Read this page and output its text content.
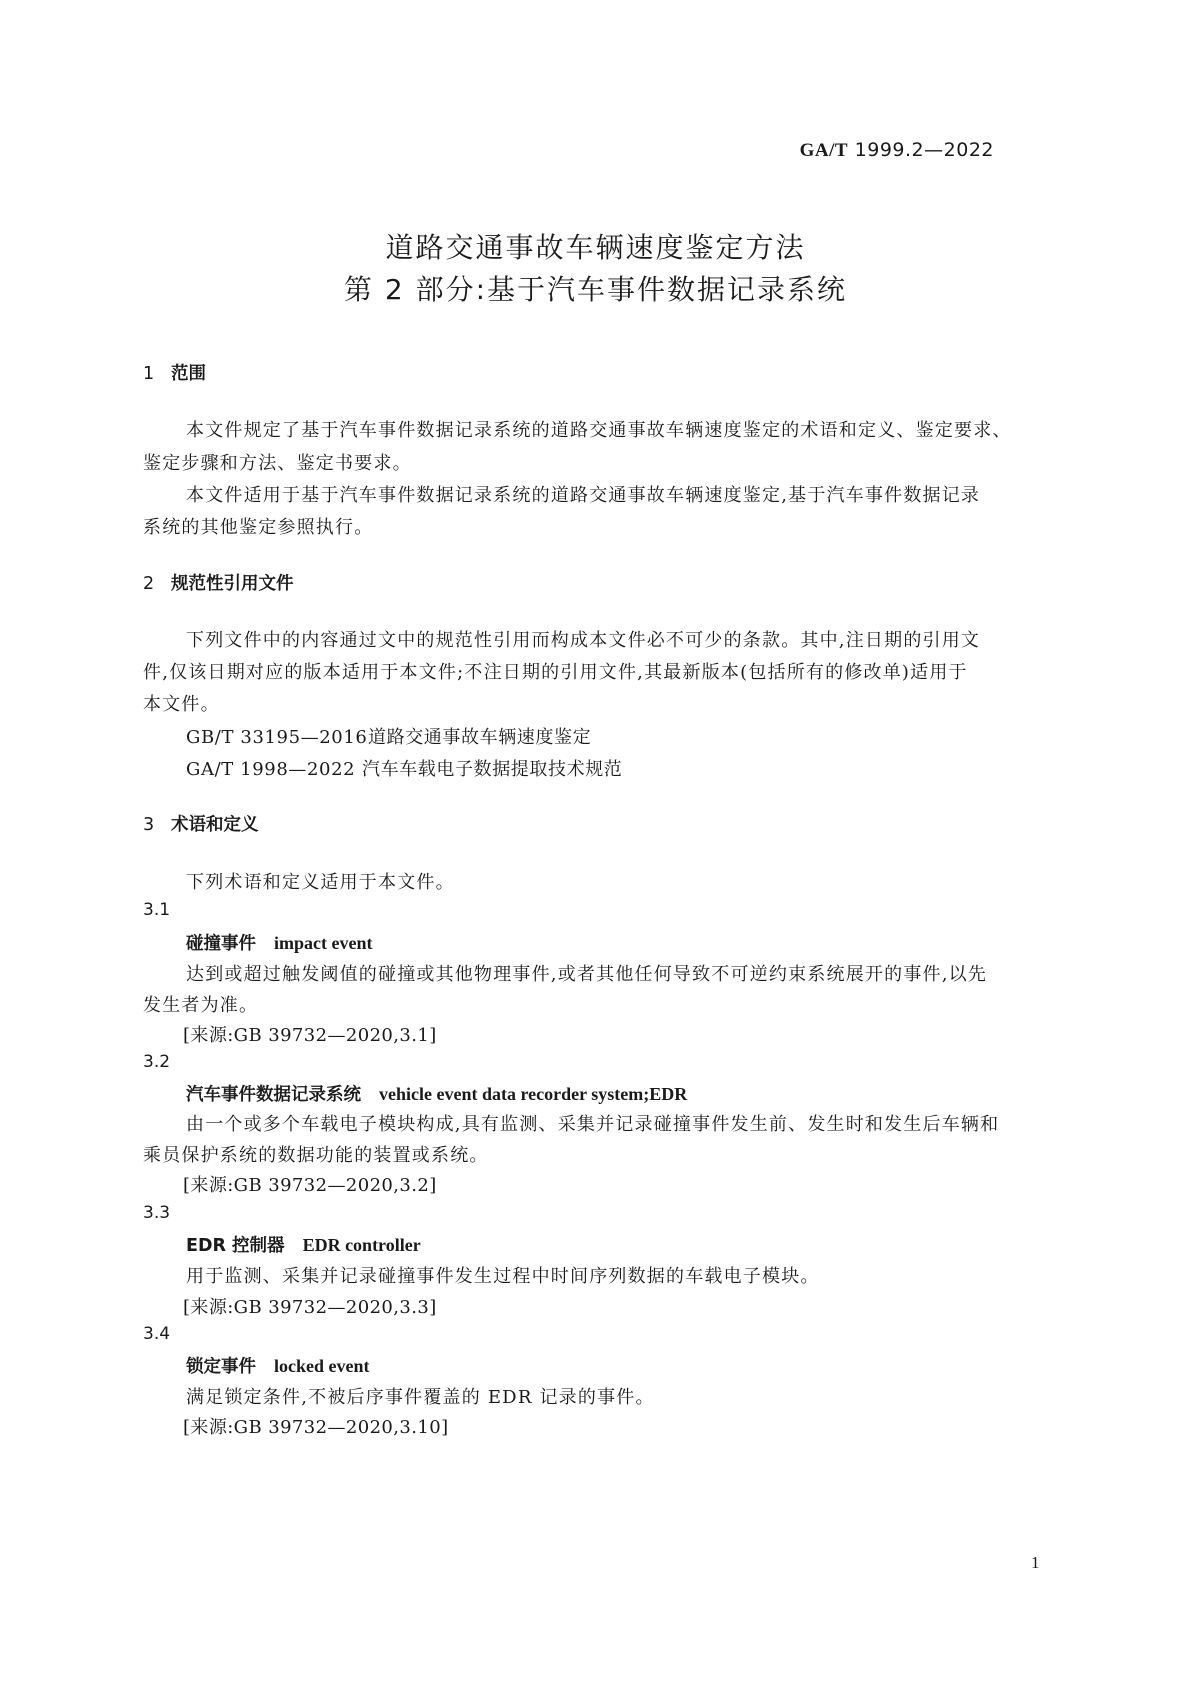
GA/T 1999.2—2022
道路交通事故车辆速度鉴定方法
第 2 部分:基于汽车事件数据记录系统
1 范围
本文件规定了基于汽车事件数据记录系统的道路交通事故车辆速度鉴定的术语和定义、鉴定要求、
鉴定步骤和方法、鉴定书要求。
本文件适用于基于汽车事件数据记录系统的道路交通事故车辆速度鉴定,基于汽车事件数据记录
系统的其他鉴定参照执行。
2 规范性引用文件
下列文件中的内容通过文中的规范性引用而构成本文件必不可少的条款。其中,注日期的引用文
件,仅该日期对应的版本适用于本文件;不注日期的引用文件,其最新版本(包括所有的修改单)适用于
本文件。
GB/T 33195—2016道路交通事故车辆速度鉴定
GA/T 1998—2022 汽车车载电子数据提取技术规范
3 术语和定义
下列术语和定义适用于本文件。
3.1
碰撞事件 impact event
达到或超过触发阈值的碰撞或其他物理事件,或者其他任何导致不可逆约束系统展开的事件,以先
发生者为准。
[来源:GB 39732—2020,3.1]
3.2
汽车事件数据记录系统 vehicle event data recorder system;EDR
由一个或多个车载电子模块构成,具有监测、采集并记录碰撞事件发生前、发生时和发生后车辆和
乘员保护系统的数据功能的装置或系统。
[来源:GB 39732—2020,3.2]
3.3
EDR 控制器 EDR controller
用于监测、采集并记录碰撞事件发生过程中时间序列数据的车载电子模块。
[来源:GB 39732—2020,3.3]
3.4
锁定事件 locked event
满足锁定条件,不被后序事件覆盖的 EDR 记录的事件。
[来源:GB 39732—2020,3.10]
1
